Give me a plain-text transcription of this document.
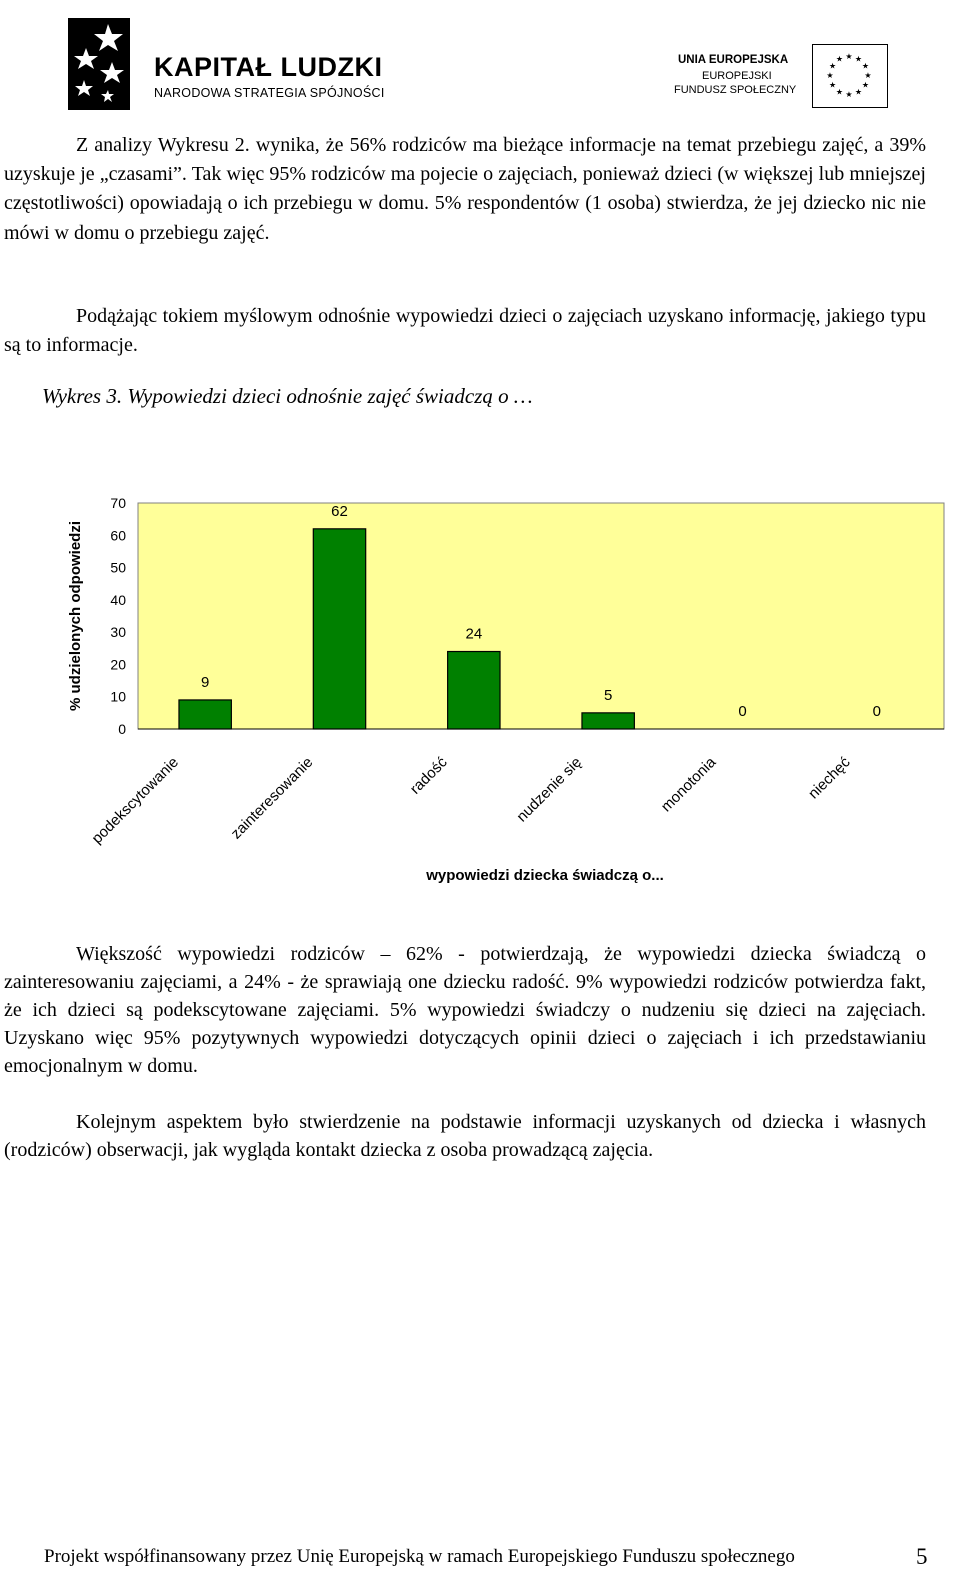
KAPITAŁ LUDZKI
NARODOWA STRATEGIA SPÓJNOŚCI
UNIA EUROPEJSKA
EUROPEJSKI
FUNDUSZ SPOŁECZNY
★ ★
★
★
★
★
★
★
★
★
★
★

Z analizy Wykresu 2. wynika, że 56% rodziców ma bieżące informacje na temat przebiegu zajęć, a 39% uzyskuje je „czasami”. Tak więc 95% rodziców ma pojecie o zajęciach, ponieważ dzieci (w większej lub mniejszej częstotliwości) opowiadają o ich przebiegu w domu. 5% respondentów (1 osoba) stwierdza, że jej dziecko nic nie mówi w domu o przebiegu zajęć.

Podążając tokiem myślowym odnośnie wypowiedzi dzieci o zajęciach uzyskano informację, jakiego typu są to informacje.

Wykres 3. Wypowiedzi dzieci odnośnie zajęć świadczą o …
0
10
20
30
40
50
60
70
% udzielonych odpowiedzi	9
podekscytowanie
62
zainteresowanie
24
radość
5
nudzenie się
0
monotonia
0
niechęć
wypowiedzi dziecka świadczą o...

Większość wypowiedzi rodziców – 62% - potwierdzają, że wypowiedzi dziecka świadczą o zainteresowaniu zajęciami, a 24% - że sprawiają one dziecku radość. 9% wypowiedzi rodziców potwierdza fakt, że ich dzieci są podekscytowane zajęciami. 5% wypowiedzi świadczy o nudzeniu się dzieci na zajęciach. Uzyskano więc 95% pozytywnych wypowiedzi dotyczących opinii dzieci o zajęciach i ich przedstawianiu emocjonalnym w domu.

Kolejnym aspektem było stwierdzenie na podstawie informacji uzyskanych od dziecka i własnych (rodziców) obserwacji, jak wygląda kontakt dziecka z osoba prowadzącą zajęcia.

Projekt współfinansowany przez Unię Europejską w ramach Europejskiego Funduszu społecznego	5
